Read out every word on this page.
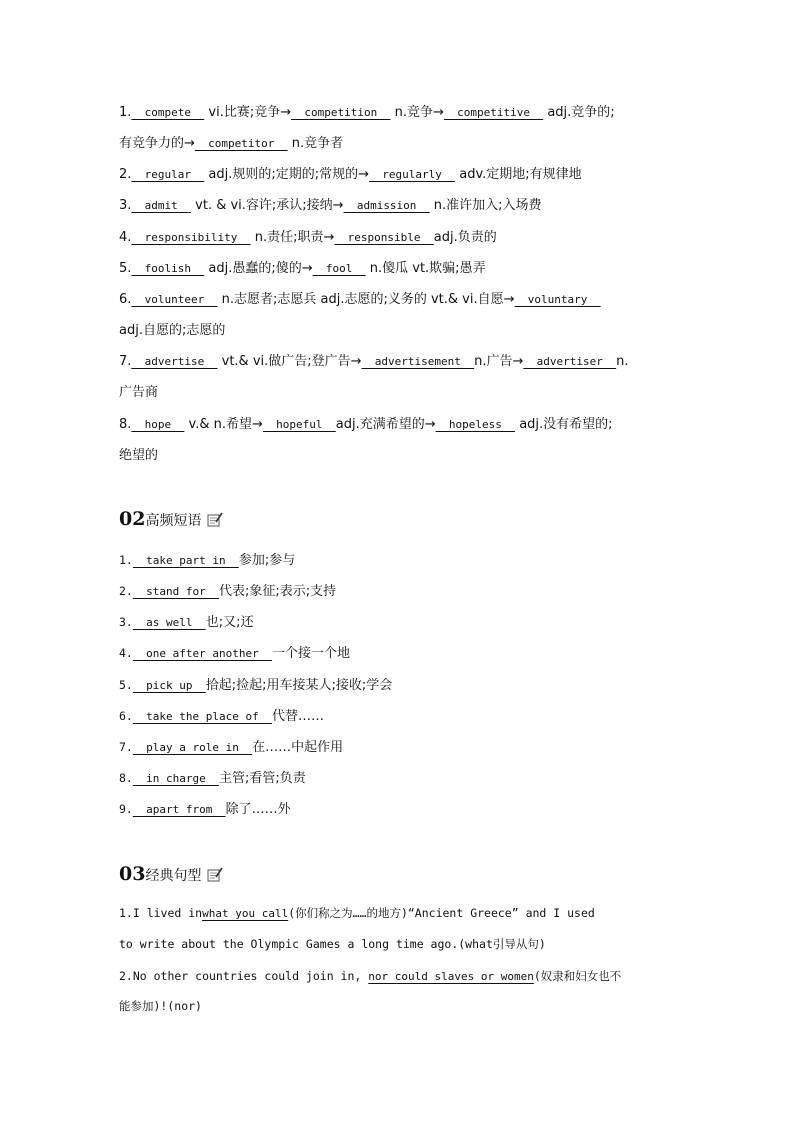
1.  compete   vi.比赛;竞争→  competition   n.竞争→  competitive   adj.竞争的;
有竞争力的→  competitor   n.竞争者
2.  regular   adj.规则的;定期的;常规的→  regularly   adv.定期地;有规律地
3.  admit   vt. & vi.容许;承认;接纳→  admission   n.准许加入;入场费
4.  responsibility   n.责任;职责→  responsible  adj.负责的
5.  foolish   adj.愚蠢的;傻的→  fool   n.傻瓜 vt.欺骗;愚弄
6.  volunteer   n.志愿者;志愿兵 adj.志愿的;义务的 vt.& vi.自愿→  voluntary
adj.自愿的;志愿的
7.  advertise   vt.& vi.做广告;登广告→  advertisement  n.广告→  advertiser  n.
广告商
8.  hope   v.& n.希望→  hopeful  adj.充满希望的→  hopeless   adj.没有希望的;
绝望的
02高频短语
1.  take part in  参加;参与
2.  stand for  代表;象征;表示;支持
3.  as well  也;又;还
4.  one after another  一个接一个地
5.  pick up  拾起;捡起;用车接某人;接收;学会
6.  take the place of  代替……
7.  play a role in  在……中起作用
8.  in charge  主管;看管;负责
9.  apart from  除了……外
03经典句型
1.I lived inwhat you call(你们称之为……的地方)“Ancient Greece” and I used
to write about the Olympic Games a long time ago.(what引导从句)
2.No other countries could join in, nor could slaves or women(奴隶和妇女也不
能参加)!(nor)
